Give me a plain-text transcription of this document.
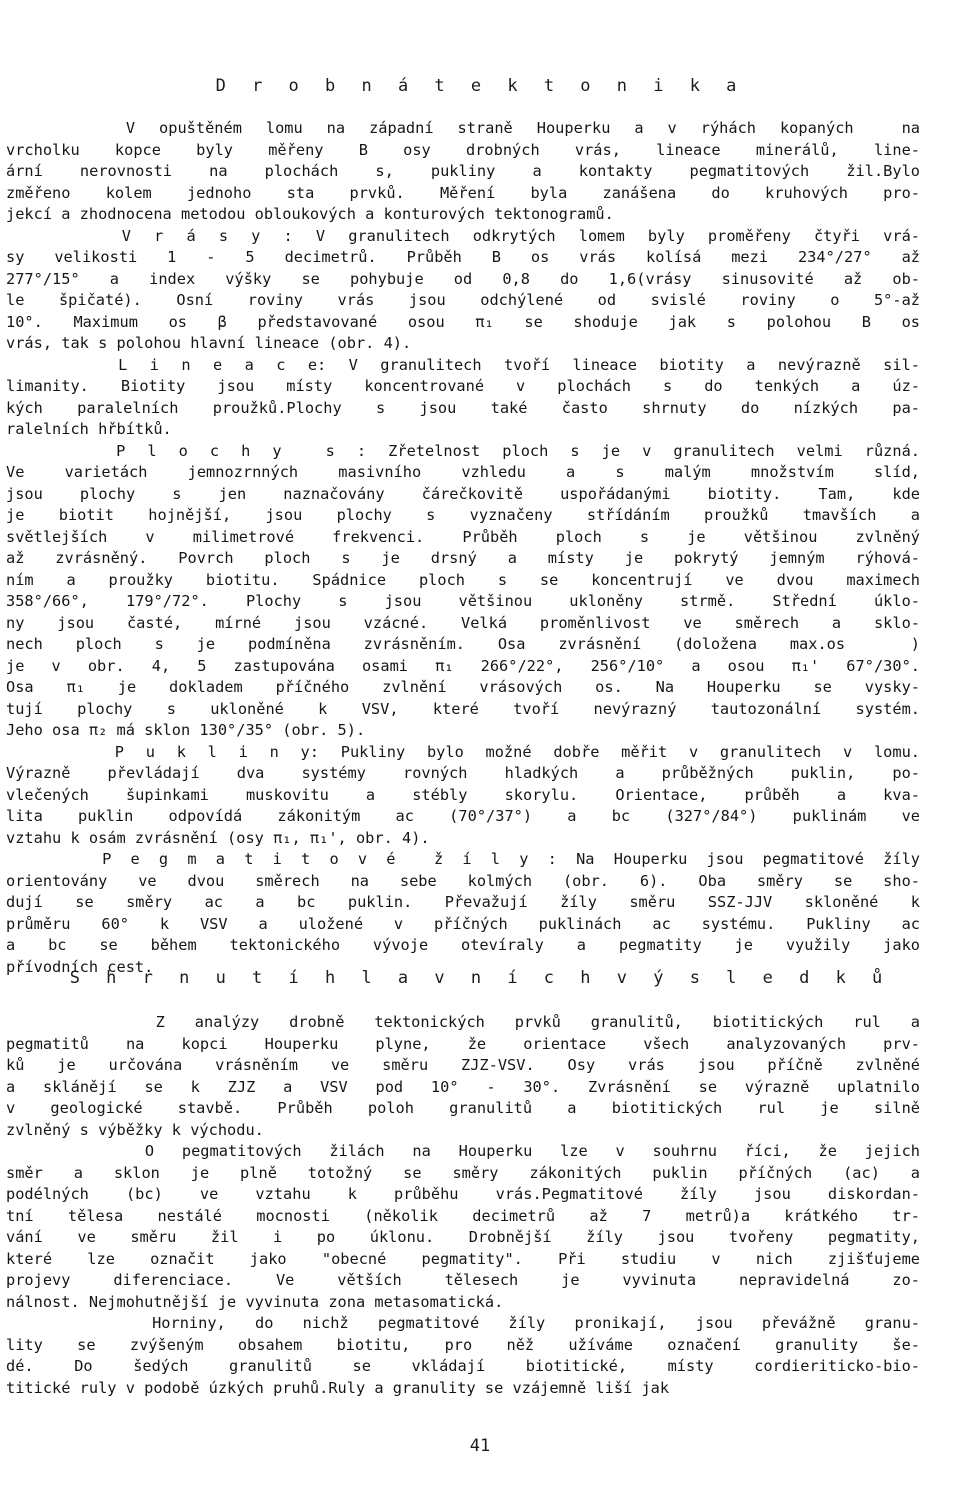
D r o b n á t e k t o n i k a
V opuštěném lomu na západní straně Houperku a v rýhách kopaných  na
vrcholku kopce byly měřeny B osy drobných vrás, lineace minerálů, line-
ární nerovnosti na plochách s, pukliny a kontakty pegmatitových žil.Bylo
změřeno kolem jednoho sta prvků. Měření byla zanášena do kruhových pro-
jekcí a zhodnocena metodou obloukových a konturových tektonogramů.
V r á s y : V granulitech odkrytých lomem byly proměřeny čtyři vrá-
sy velikosti 1 - 5 decimetrů. Průběh B os vrás kolísá mezi 234°/27° až
277°/15° a index výšky se pohybuje od 0,8 do 1,6(vrásy sinusovité až ob-
le špičaté). Osní roviny vrás jsou odchýlené od svislé roviny o 5°-až
10°. Maximum os β představované osou π₁ se shoduje jak s polohou B os
vrás, tak s polohou hlavní lineace (obr. 4).
L i n e a c e: V granulitech tvoří lineace biotity a nevýrazně sil-
limanity. Biotity jsou místy koncentrované v plochách s do tenkých a úz-
kých paralelních proužků.Plochy s jsou také často shrnuty do nízkých pa-
ralelních hřbítků.
P l o c h y  s : Zřetelnost ploch s je v granulitech velmi různá.
Ve varietách jemnozrnných masivního vzhledu a s malým množstvím slíd,
jsou plochy s jen naznačovány čárečkovitě uspořádanými biotity. Tam, kde
je biotit hojnější, jsou plochy s vyznačeny střídáním proužků tmavších a
světlejších v milimetrové frekvenci. Průběh ploch s je většinou zvlněný
až zvrásněný. Povrch ploch s je drsný a místy je pokrytý jemným rýhová-
ním a proužky biotitu. Spádnice ploch s se koncentrují ve dvou maximech
358°/66°, 179°/72°. Plochy s jsou většinou ukloněny strmě. Střední úklo-
ny jsou časté, mírné jsou vzácné. Velká proměnlivost ve směrech a sklo-
nech ploch s je podmíněna zvrásněním. Osa zvrásnění (doložena max.os  )
je v obr. 4, 5 zastupována osami π₁ 266°/22°, 256°/10° a osou π₁' 67°/30°.
Osa π₁ je dokladem příčného zvlnění vrásových os. Na Houperku se vysky-
tují plochy s ukloněné k VSV, které tvoří nevýrazný tautozonální systém.
Jeho osa π₂ má sklon 130°/35° (obr. 5).
P u k l i n y: Pukliny bylo možné dobře měřit v granulitech v lomu.
Výrazně převládají dva systémy rovných hladkých a průběžných puklin, po-
vlečených šupinkami muskovitu a stébly skorylu. Orientace, průběh a kva-
lita puklin odpovídá zákonitým ac (70°/37°) a bc (327°/84°) puklinám ve
vztahu k osám zvrásnění (osy π₁, π₁', obr. 4).
P e g m a t i t o v é  ž í l y : Na Houperku jsou pegmatitové žíly
orientovány ve dvou směrech na sebe kolmých (obr. 6). Oba směry se sho-
dují se směry ac a bc puklin. Převažují žíly směru SSZ-JJV skloněné k
průměru 60° k VSV a uložené v příčných puklinách ac systému. Pukliny ac
a bc se během tektonického vývoje otevíraly a pegmatity je využily jako
přívodních cest.
S h r n u t í h l a v n í c h v ý s l e d k ů
Z analýzy drobně tektonických prvků granulitů, biotitických rul a
pegmatitů na kopci Houperku plyne, že orientace všech analyzovaných prv-
ků je určována vrásněním ve směru ZJZ-VSV. Osy vrás jsou příčně zvlněné
a sklánějí se k ZJZ a VSV pod 10° - 30°. Zvrásnění se výrazně uplatnilo
v geologické stavbě. Průběh poloh granulitů a biotitických rul je silně
zvlněný s výběžky k východu.
O pegmatitových žilách na Houperku lze v souhrnu říci, že jejich
směr a sklon je plně totožný se směry zákonitých puklin příčných (ac) a
podélných (bc) ve vztahu k průběhu vrás.Pegmatitové žíly jsou diskordan-
tní tělesa nestálé mocnosti (několik decimetrů až 7 metrů)a krátkého tr-
vání ve směru žil i po úklonu. Drobnější žíly jsou tvořeny pegmatity,
které lze označit jako "obecné pegmatity". Při studiu v nich zjišťujeme
projevy diferenciace. Ve větších tělesech je vyvinuta nepravidelná zo-
nálnost. Nejmohutnější je vyvinuta zona metasomatická.
Horniny, do nichž pegmatitové žíly pronikají, jsou převážně granu-
lity se zvýšeným obsahem biotitu, pro něž užíváme označení granulity še-
dé. Do šedých granulitů se vkládají biotitické, místy cordieriticko-bio-
titické ruly v podobě úzkých pruhů.Ruly a granulity se vzájemně liší jak
41
